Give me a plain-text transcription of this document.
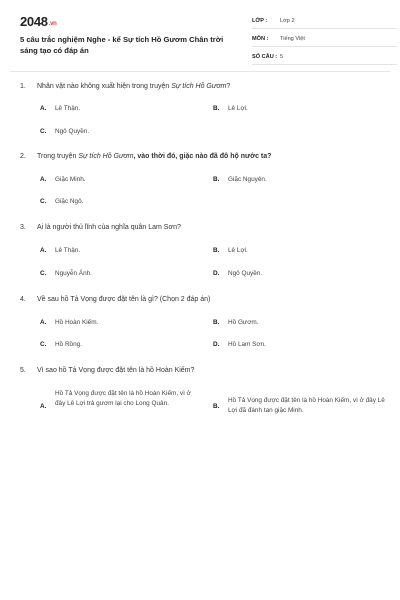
2048.vn
5 câu trắc nghiệm Nghe - kể Sự tích Hồ Gươm Chân trời sáng tạo có đáp án
LỚP : Lớp 2
MÔN : Tiếng Việt
SỐ CÂU : 5
1. Nhân vật nào không xuất hiện trong truyện Sự tích Hồ Gươm?
A. Lê Thận.	B. Lê Lợi.
C. Ngô Quyền.
2. Trong truyện Sự tích Hồ Gươm, vào thời đó, giặc nào đã đô hộ nước ta?
A. Giặc Minh.	B. Giặc Nguyên.
C. Giặc Ngô.
3. Ai là người thủ lĩnh của nghĩa quân Lam Sơn?
A. Lê Thận.	B. Lê Lợi.
C. Nguyễn Ánh.	D. Ngô Quyền.
4. Về sau hồ Tả Vọng được đặt tên là gì? (Chọn 2 đáp án)
A. Hồ Hoàn Kiếm.	B. Hồ Gươm.
C. Hồ Rồng.	D. Hồ Lam Sơn.
5. Vì sao hồ Tả Vọng được đặt tên là hồ Hoàn Kiếm?
A.
Hồ Tả Vọng được đặt tên là hồ Hoàn Kiếm, vì ở đây Lê Lợi trả gươm lại cho Long Quân.	B.
Hồ Tả Vọng được đặt tên là hồ Hoàn Kiếm, vì ở đây Lê Lợi đã đánh tan giặc Minh.
